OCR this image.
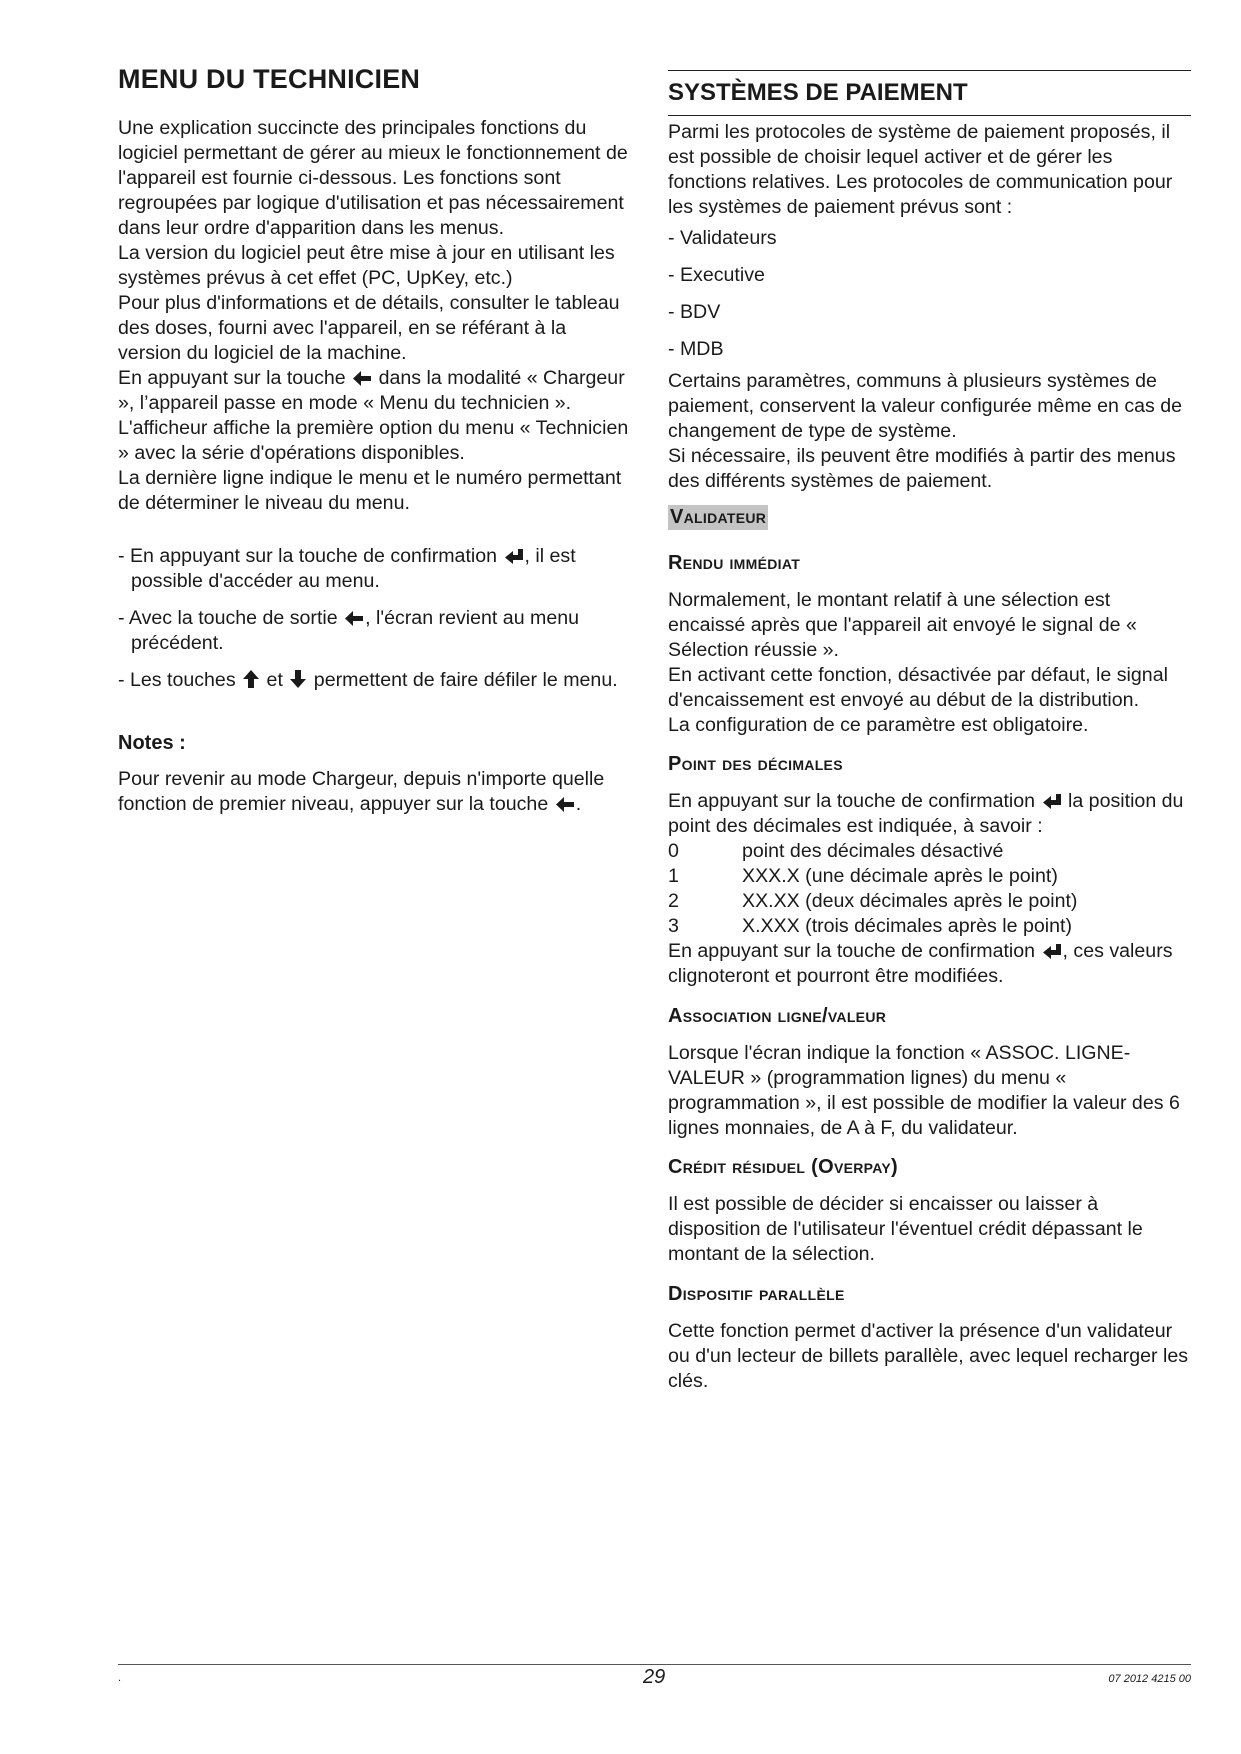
MENU DU TECHNICIEN

Une explication succincte des principales fonctions du logiciel permettant de gérer au mieux le fonctionnement de l'appareil est fournie ci-dessous. Les fonctions sont regroupées par logique d'utilisation et pas nécessairement dans leur ordre d'apparition dans les menus.

La version du logiciel peut être mise à jour en utilisant les systèmes prévus à cet effet (PC, UpKey, etc.)

Pour plus d'informations et de détails, consulter le tableau des doses, fourni avec l'appareil, en se référant à la version du logiciel de la machine.

En appuyant sur la touche dans la modalité « Chargeur », l’appareil passe en mode « Menu du technicien ».

L'afficheur affiche la première option du menu « Technicien » avec la série d'opérations disponibles.

La dernière ligne indique le menu et le numéro permettant de déterminer le niveau du menu.

- En appuyant sur la touche de confirmation , il est possible d'accéder au menu.

- Avec la touche de sortie , l'écran revient au menu précédent.

- Les touches et permettent de faire défiler le menu.

Notes :

Pour revenir au mode Chargeur, depuis n'importe quelle fonction de premier niveau, appuyer sur la touche .

SYSTÈMES DE PAIEMENT

Parmi les protocoles de système de paiement proposés, il est possible de choisir lequel activer et de gérer les fonctions relatives. Les protocoles de communication pour les systèmes de paiement prévus sont :

- Validateurs

- Executive

- BDV

- MDB

Certains paramètres, communs à plusieurs systèmes de paiement, conservent la valeur configurée même en cas de changement de type de système.

Si nécessaire, ils peuvent être modifiés à partir des menus des différents systèmes de paiement.

Validateur

Rendu immédiat

Normalement, le montant relatif à une sélection est encaissé après que l'appareil ait envoyé le signal de « Sélection réussie ».

En activant cette fonction, désactivée par défaut, le signal d'encaissement est envoyé au début de la distribution.

La configuration de ce paramètre est obligatoire.

Point des décimales

En appuyant sur la touche de confirmation la position du point des décimales est indiquée, à savoir :

0	point des décimales désactivé

1	XXX.X (une décimale après le point)

2	XX.XX (deux décimales après le point)

3	X.XXX (trois décimales après le point)

En appuyant sur la touche de confirmation , ces valeurs clignoteront et pourront être modifiées.

Association ligne/valeur

Lorsque l'écran indique la fonction « ASSOC. LIGNE-VALEUR » (programmation lignes) du menu « programmation », il est possible de modifier la valeur des 6 lignes monnaies, de A à F, du validateur.

Crédit résiduel (Overpay)

Il est possible de décider si encaisser ou laisser à disposition de l'utilisateur l'éventuel crédit dépassant le montant de la sélection.

Dispositif parallèle

Cette fonction permet d'activer la présence d'un validateur ou d'un lecteur de billets parallèle, avec lequel recharger les clés.

.	29	07 2012 4215 00
